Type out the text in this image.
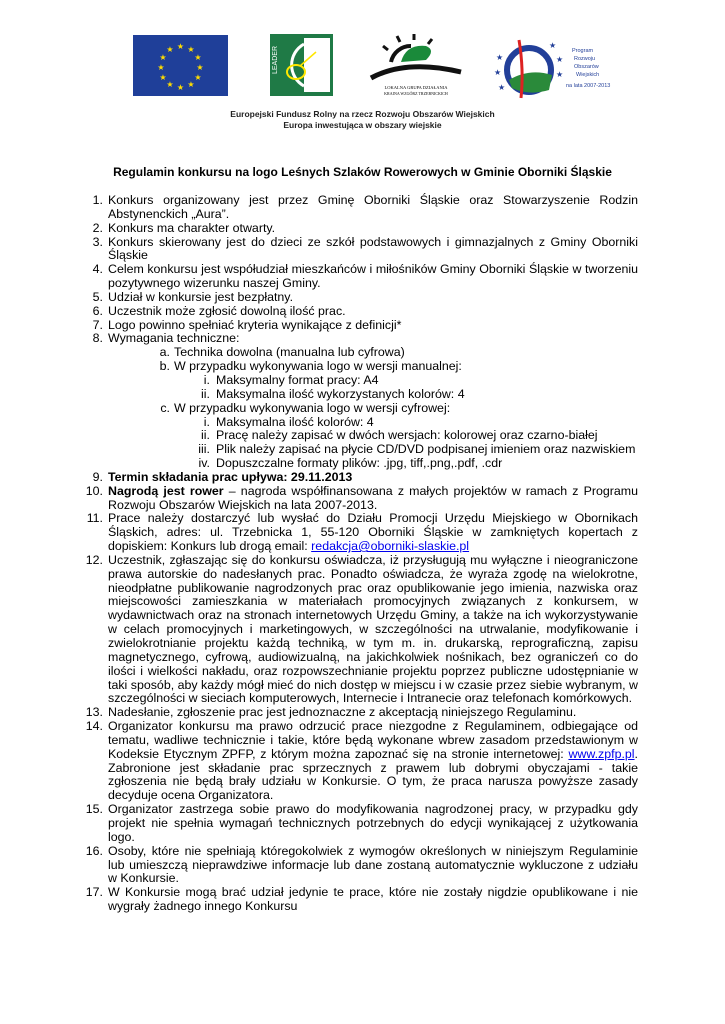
★ ★
★
★
★
★
★
★
★
★
★
★	LEADER
LOKALNA GRUPA DZIAŁANIA
KRAINA WZGÓRZ TRZEBNICKICH
★
★
★
★
★
★
Program
Rozwoju
Obszarów
Wiejskich
na lata 2007-2013
Europejski Fundusz Rolny na rzecz Rozwoju Obszarów Wiejskich
Europa inwestująca w obszary wiejskie
Regulamin konkursu na logo Leśnych Szlaków Rowerowych w Gminie Oborniki Śląskie
1. Konkurs organizowany jest przez Gminę Oborniki Śląskie oraz Stowarzyszenie Rodzin Abstynenckich „Aura”.
2. Konkurs ma charakter otwarty.
3. Konkurs skierowany jest do dzieci ze szkół podstawowych i gimnazjalnych z Gminy Oborniki Śląskie
4. Celem konkursu jest współudział mieszkańców i miłośników Gminy Oborniki Śląskie w tworzeniu pozytywnego wizerunku naszej Gminy.
5. Udział w konkursie jest bezpłatny.
6. Uczestnik może zgłosić dowolną ilość prac.
7. Logo powinno spełniać kryteria wynikające z definicji*
8. Wymagania techniczne:
a. Technika dowolna (manualna lub cyfrowa)
b. W przypadku wykonywania logo w wersji manualnej:
i. Maksymalny format pracy: A4
ii. Maksymalna ilość wykorzystanych kolorów: 4
c. W przypadku wykonywania logo w wersji cyfrowej:
i. Maksymalna ilość kolorów: 4
ii. Pracę należy zapisać w dwóch wersjach: kolorowej oraz czarno-białej
iii. Plik należy zapisać na płycie CD/DVD podpisanej imieniem oraz nazwiskiem
iv. Dopuszczalne formaty plików: .jpg, tiff,.png,.pdf, .cdr
9. Termin składania prac upływa: 29.11.2013
10. Nagrodą jest rower – nagroda współfinansowana z małych projektów w ramach z Programu Rozwoju Obszarów Wiejskich na lata 2007-2013.
11. Prace należy dostarczyć lub wysłać do Działu Promocji Urzędu Miejskiego w Obornikach Śląskich, adres: ul. Trzebnicka 1, 55-120 Oborniki Śląskie w zamkniętych kopertach z dopiskiem: Konkurs lub drogą email: redakcja@oborniki-slaskie.pl
12. Uczestnik, zgłaszając się do konkursu oświadcza, iż przysługują mu wyłączne i nieograniczone prawa autorskie do nadesłanych prac. Ponadto oświadcza, że wyraża zgodę na wielokrotne, nieodpłatne publikowanie nagrodzonych prac oraz opublikowanie jego imienia, nazwiska oraz miejscowości zamieszkania w materiałach promocyjnych związanych z konkursem, w wydawnictwach oraz na stronach internetowych Urzędu Gminy, a także na ich wykorzystywanie w celach promocyjnych i marketingowych, w szczególności na utrwalanie, modyfikowanie i zwielokrotnianie projektu każdą techniką, w tym m. in. drukarską, reprograficzną, zapisu magnetycznego, cyfrową, audiowizualną, na jakichkolwiek nośnikach, bez ograniczeń co do ilości i wielkości nakładu, oraz rozpowszechnianie projektu poprzez publiczne udostępnianie w taki sposób, aby każdy mógł mieć do nich dostęp w miejscu i w czasie przez siebie wybranym, w szczególności w sieciach komputerowych, Internecie i Intranecie oraz telefonach komórkowych.
13. Nadesłanie, zgłoszenie prac jest jednoznaczne z akceptacją niniejszego Regulaminu.
14. Organizator konkursu ma prawo odrzucić prace niezgodne z Regulaminem, odbiegające od tematu, wadliwe technicznie i takie, które będą wykonane wbrew zasadom przedstawionym w Kodeksie Etycznym ZPFP, z którym można zapoznać się na stronie internetowej: www.zpfp.pl. Zabronione jest składanie prac sprzecznych z prawem lub dobrymi obyczajami - takie zgłoszenia nie będą brały udziału w Konkursie. O tym, że praca narusza powyższe zasady decyduje ocena Organizatora.
15. Organizator zastrzega sobie prawo do modyfikowania nagrodzonej pracy, w przypadku gdy projekt nie spełnia wymagań technicznych potrzebnych do edycji wynikającej z użytkowania logo.
16. Osoby, które nie spełniają któregokolwiek z wymogów określonych w niniejszym Regulaminie lub umieszczą nieprawdziwe informacje lub dane zostaną automatycznie wykluczone z udziału w Konkursie.
17. W Konkursie mogą brać udział jedynie te prace, które nie zostały nigdzie opublikowane i nie wygrały żadnego innego Konkursu
